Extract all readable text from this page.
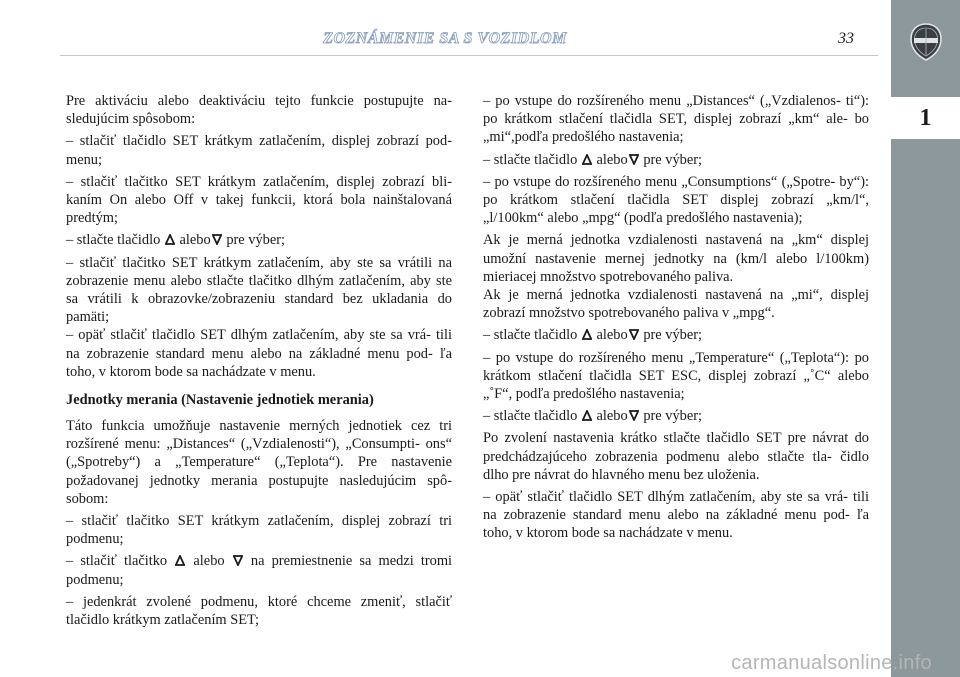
ZOZNÁMENIE SA S VOZIDLOM	33
1

Pre aktiváciu alebo deaktiváciu tejto funkcie postupujte na- sledujúcim spôsobom:

– stlačiť tlačidlo SET krátkym zatlačením, displej zobrazí pod- menu;

– stlačiť tlačitko SET krátkym zatlačením, displej zobrazí bli- kaním On alebo Off v takej funkcii, ktorá bola nainštalovaná predtým;

– stlačte tlačidlo alebo pre výber;

– stlačiť tlačitko SET krátkym zatlačením, aby ste sa vrátili na zobrazenie menu alebo stlačte tlačitko dlhým zatlačením, aby ste sa vrátili k obrazovke/zobrazeniu standard bez ukladania do pamäti;

– opäť stlačiť tlačidlo SET dlhým zatlačením, aby ste sa vrá- tili na zobrazenie standard menu alebo na základné menu pod- ľa toho, v ktorom bode sa nachádzate v menu.

Jednotky merania (Nastavenie jednotiek merania)

Táto funkcia umožňuje nastavenie merných jednotiek cez tri rozšírené menu: „Distances“ („Vzdialenosti“), „Consumpti- ons“ („Spotreby“) a „Temperature“ („Teplota“). Pre nastavenie požadovanej jednotky merania postupujte nasledujúcim spô- sobom:

– stlačiť tlačitko SET krátkym zatlačením, displej zobrazí tri podmenu;

– stlačiť tlačitko alebo na premiestnenie sa medzi tromi podmenu;

– jedenkrát zvolené podmenu, ktoré chceme zmeniť, stlačiť tlačidlo krátkym zatlačením SET;

– po vstupe do rozšíreného menu „Distances“ („Vzdialenos- ti“): po krátkom stlačení tlačidla SET, displej zobrazí „km“ ale- bo „mi“,podľa predošlého nastavenia;

– stlačte tlačidlo alebo pre výber;

– po vstupe do rozšíreného menu „Consumptions“ („Spotre- by“): po krátkom stlačení tlačidla SET displej zobrazí „km/l“, „l/100km“ alebo „mpg“ (podľa predošlého nastavenia);

Ak je merná jednotka vzdialenosti nastavená na „km“ displej umožní nastavenie mernej jednotky na (km/l alebo l/100km) mieriacej množstvo spotrebovaného paliva.

Ak je merná jednotka vzdialenosti nastavená na „mi“, displej zobrazí množstvo spotrebovaného paliva v „mpg“.

– stlačte tlačidlo alebo pre výber;

– po vstupe do rozšíreného menu „Temperature“ („Teplota“): po krátkom stlačení tlačidla SET ESC, displej zobrazí „˚C“ alebo „˚F“, podľa predošlého nastavenia;

– stlačte tlačidlo alebo pre výber;

Po zvolení nastavenia krátko stlačte tlačidlo SET pre návrat do predchádzajúceho zobrazenia podmenu alebo stlačte tla- čidlo dlho pre návrat do hlavného menu bez uloženia.

– opäť stlačiť tlačidlo SET dlhým zatlačením, aby ste sa vrá- tili na zobrazenie standard menu alebo na základné menu pod- ľa toho, v ktorom bode sa nachádzate v menu.

carmanualsonline.info
